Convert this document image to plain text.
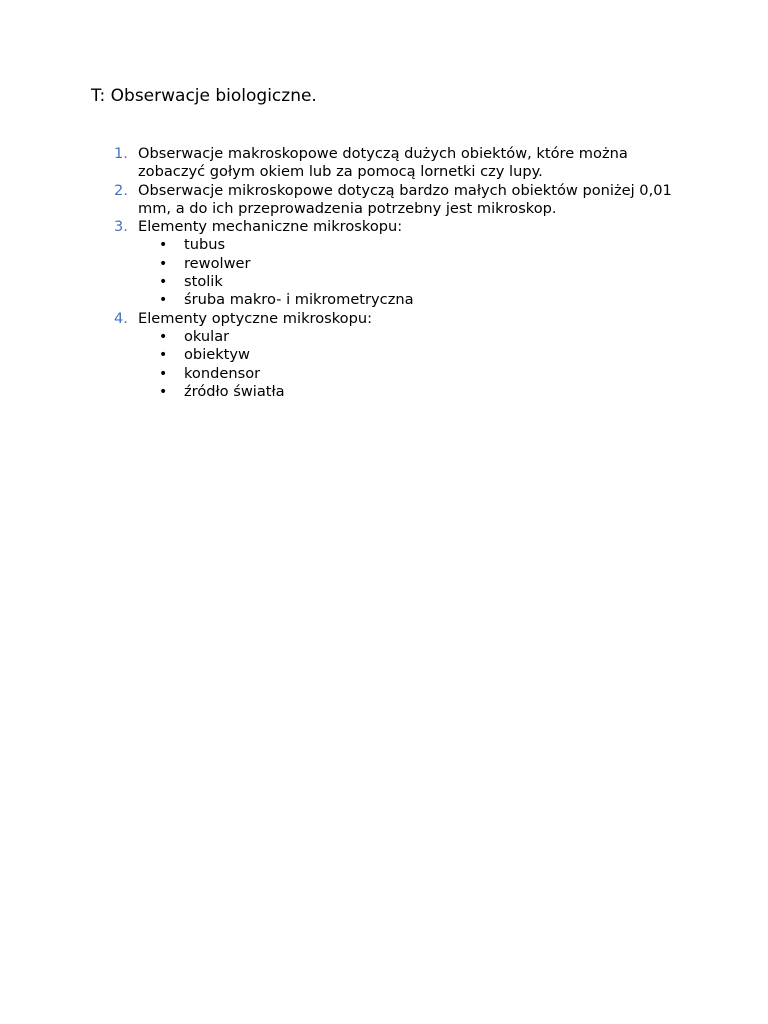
T: Obserwacje biologiczne.
1. Obserwacje makroskopowe dotyczą dużych obiektów, które można zobaczyć gołym okiem lub za pomocą lornetki czy lupy.
2. Obserwacje mikroskopowe dotyczą bardzo małych obiektów poniżej 0,01 mm, a do ich przeprowadzenia potrzebny jest mikroskop.
3. Elementy mechaniczne mikroskopu:
• tubus
• rewolwer
• stolik
• śruba makro- i mikrometryczna
4. Elementy optyczne mikroskopu:
• okular
• obiektyw
• kondensor
• źródło światła
